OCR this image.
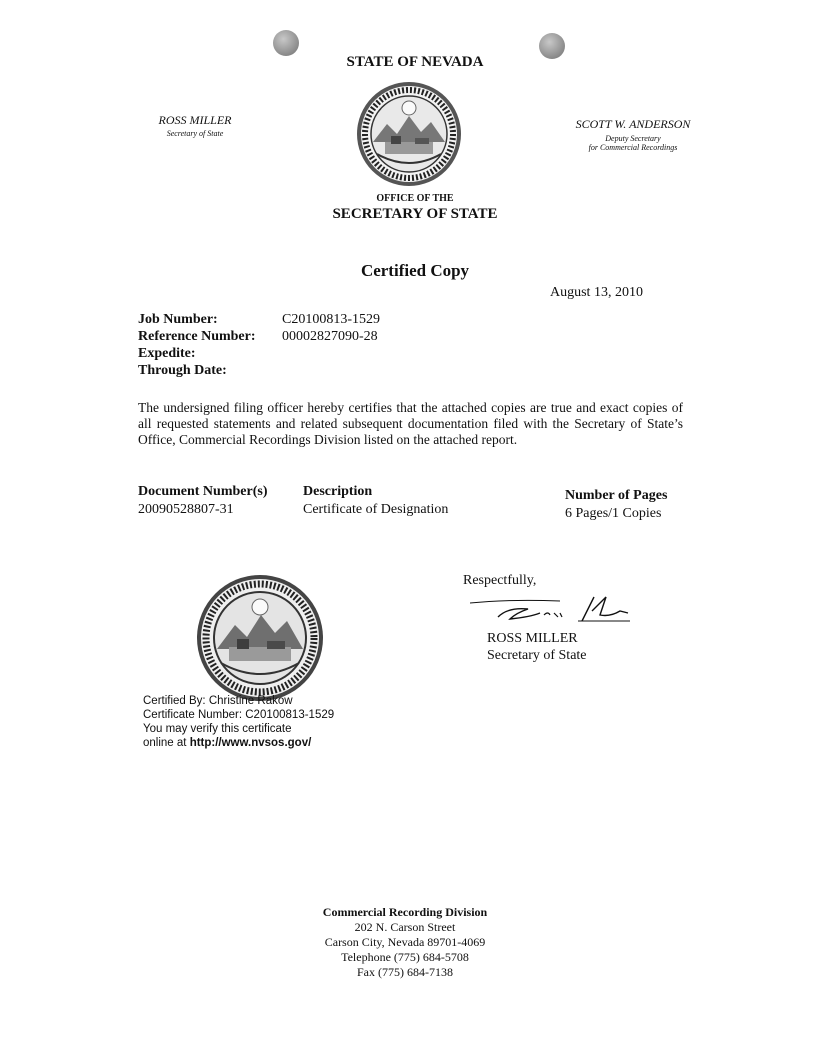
STATE OF NEVADA
ROSS MILLER
Secretary of State
SCOTT W. ANDERSON
Deputy Secretary
for Commercial Recordings
OFFICE OF THE
SECRETARY OF STATE
Certified Copy
August 13, 2010
Job Number:	C20100813-1529
Reference Number: 00002827090-28
Expedite:
Through Date:
The undersigned filing officer hereby certifies that the attached copies are true and exact copies of all requested statements and related subsequent documentation filed with the Secretary of State’s Office, Commercial Recordings Division listed on the attached report.
Document Number(s)	Description	Number of Pages
20090528807-31	Certificate of Designation	6 Pages/1 Copies
Respectfully,
ROSS MILLER
Secretary of State
Certified By: Christine Rakow
Certificate Number: C20100813-1529
You may verify this certificate
online at http://www.nvsos.gov/
Commercial Recording Division
202 N. Carson Street
Carson City, Nevada 89701-4069
Telephone (775) 684-5708
Fax (775) 684-7138
